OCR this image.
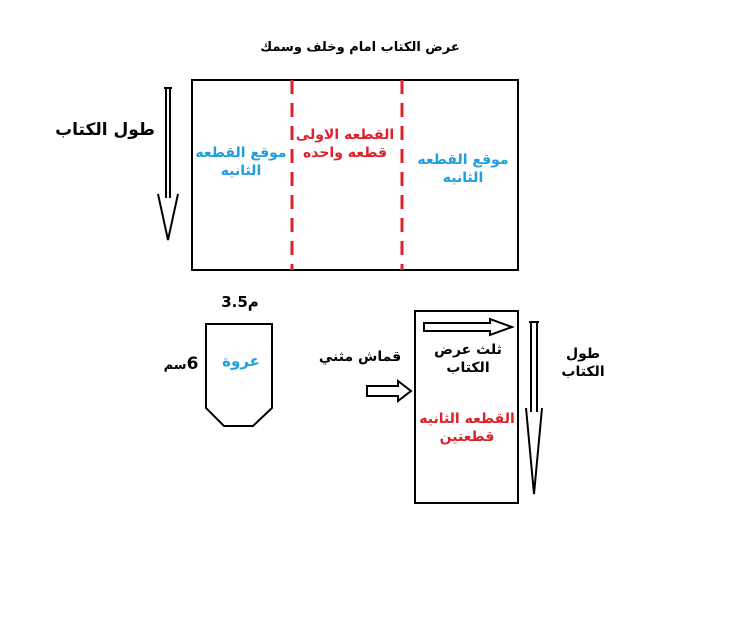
عرض الكتاب امام وخلف وسمك
طول الكتاب
موقع القطعه
الثانيه
القطعه الاولى
قطعه واحده	موقع القطعه
الثانيه
م3.5
6سم	عروة	قماش مثني	ثلث عرض
الكتاب
القطعه الثانيه
قطعتين
طول
الكتاب
